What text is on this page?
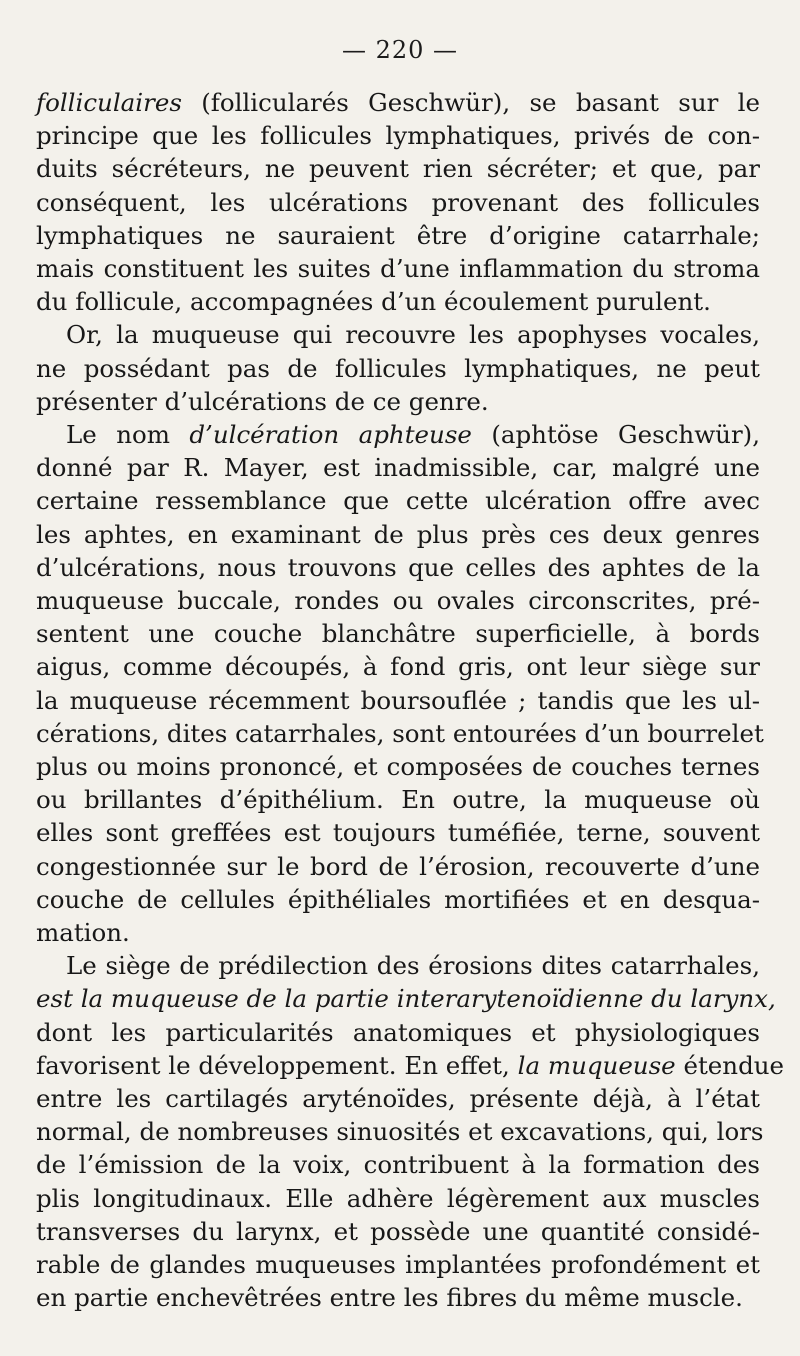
— 220 —
folliculaires (follicularés Geschwür), se basant sur le
principe que les follicules lymphatiques, privés de con-
duits sécréteurs, ne peuvent rien sécréter; et que, par
conséquent, les ulcérations provenant des follicules
lymphatiques ne sauraient être d’origine catarrhale;
mais constituent les suites d’une inflammation du stroma
du follicule, accompagnées d’un écoulement purulent.
Or, la muqueuse qui recouvre les apophyses vocales,
ne possédant pas de follicules lymphatiques, ne peut
présenter d’ulcérations de ce genre.
Le nom d’ulcération aphteuse (aphtöse Geschwür),
donné par R. Mayer, est inadmissible, car, malgré une
certaine ressemblance que cette ulcération offre avec
les aphtes, en examinant de plus près ces deux genres
d’ulcérations, nous trouvons que celles des aphtes de la
muqueuse buccale, rondes ou ovales circonscrites, pré-
sentent une couche blanchâtre superficielle, à bords
aigus, comme découpés, à fond gris, ont leur siège sur
la muqueuse récemment boursouflée ; tandis que les ul-
cérations, dites catarrhales, sont entourées d’un bourrelet
plus ou moins prononcé, et composées de couches ternes
ou brillantes d’épithélium. En outre, la muqueuse où
elles sont greffées est toujours tuméfiée, terne, souvent
congestionnée sur le bord de l’érosion, recouverte d’une
couche de cellules épithéliales mortifiées et en desqua-
mation.
Le siège de prédilection des érosions dites catarrhales,
est la muqueuse de la partie interarytenoïdienne du larynx,
dont les particularités anatomiques et physiologiques
favorisent le développement. En effet, la muqueuse étendue
entre les cartilagés aryténoïdes, présente déjà, à l’état
normal, de nombreuses sinuosités et excavations, qui, lors
de l’émission de la voix, contribuent à la formation des
plis longitudinaux. Elle adhère légèrement aux muscles
transverses du larynx, et possède une quantité considé-
rable de glandes muqueuses implantées profondément et
en partie enchevêtrées entre les fibres du même muscle.
